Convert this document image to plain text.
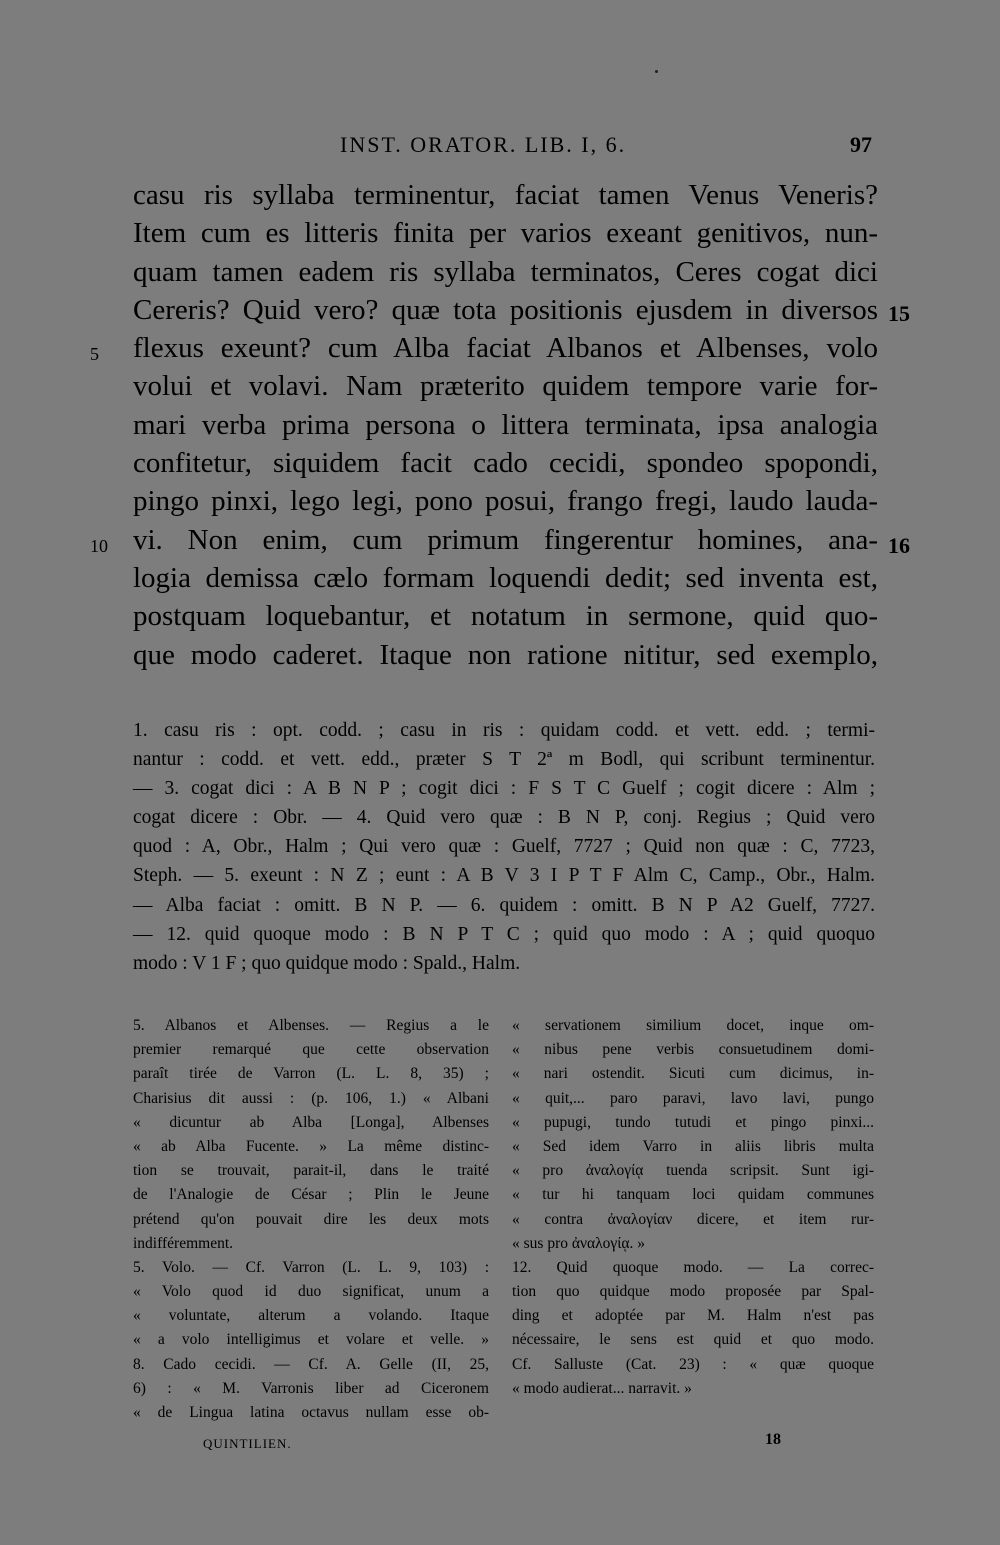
INST. ORATOR. LIB. I, 6.	97
casu ris syllaba terminentur, faciat tamen Venus Veneris?
Item cum es litteris finita per varios exeant genitivos, nun-
quam tamen eadem ris syllaba terminatos, Ceres cogat dici
Cereris? Quid vero? quæ tota positionis ejusdem in diversos
flexus exeunt? cum Alba faciat Albanos et Albenses, volo
volui et volavi. Nam præterito quidem tempore varie for-
mari verba prima persona o littera terminata, ipsa analogia
confitetur, siquidem facit cado cecidi, spondeo spopondi,
pingo pinxi, lego legi, pono posui, frango fregi, laudo lauda-
vi. Non enim, cum primum fingerentur homines, ana-
logia demissa cælo formam loquendi dedit; sed inventa est,
postquam loquebantur, et notatum in sermone, quid quo-
que modo caderet. Itaque non ratione nititur, sed exemplo,
5
10
15
16
1. casu ris : opt. codd. ; casu in ris : quidam codd. et vett. edd. ; termi-
nantur : codd. et vett. edd., præter S T 2ª m Bodl, qui scribunt terminentur.
— 3. cogat dici : A B N P ; cogit dici : F S T C Guelf ; cogit dicere : Alm ;
cogat dicere : Obr. — 4. Quid vero quæ : B N P, conj. Regius ; Quid vero
quod : A, Obr., Halm ; Qui vero quæ : Guelf, 7727 ; Quid non quæ : C, 7723,
Steph. — 5. exeunt : N Z ; eunt : A B V 3 I P T F Alm C, Camp., Obr., Halm.
— Alba faciat : omitt. B N P. — 6. quidem : omitt. B N P A2 Guelf, 7727.
— 12. quid quoque modo : B N P T C ; quid quo modo : A ; quid quoquo
modo : V 1 F ; quo quidque modo : Spald., Halm.
5. Albanos et Albenses. — Regius a le
premier remarqué que cette observation
paraît tirée de Varron (L. L. 8, 35) ;
Charisius dit aussi : (p. 106, 1.) « Albani
« dicuntur ab Alba [Longa], Albenses
« ab Alba Fucente. » La même distinc-
tion se trouvait, parait-il, dans le traité
de l'Analogie de César ; Plin le Jeune
prétend qu'on pouvait dire les deux mots
indifféremment.
5. Volo. — Cf. Varron (L. L. 9, 103) :
« Volo quod id duo significat, unum a
« voluntate, alterum a volando. Itaque
« a volo intelligimus et volare et velle. »
8. Cado cecidi. — Cf. A. Gelle (II, 25,
6) : « M. Varronis liber ad Ciceronem
« de Lingua latina octavus nullam esse ob-
« servationem similium docet, inque om-
« nibus pene verbis consuetudinem domi-
« nari ostendit. Sicuti cum dicimus, in-
« quit,... paro paravi, lavo lavi, pungo
« pupugi, tundo tutudi et pingo pinxi...
« Sed idem Varro in aliis libris multa
« pro ἀναλογίᾳ tuenda scripsit. Sunt igi-
« tur hi tanquam loci quidam communes
« contra ἀναλογίαν dicere, et item rur-
« sus pro ἀναλογίᾳ. »
12. Quid quoque modo. — La correc-
tion quo quidque modo proposée par Spal-
ding et adoptée par M. Halm n'est pas
nécessaire, le sens est quid et quo modo.
Cf. Salluste (Cat. 23) : « quæ quoque
« modo audierat... narravit. »
QUINTILIEN.	18
